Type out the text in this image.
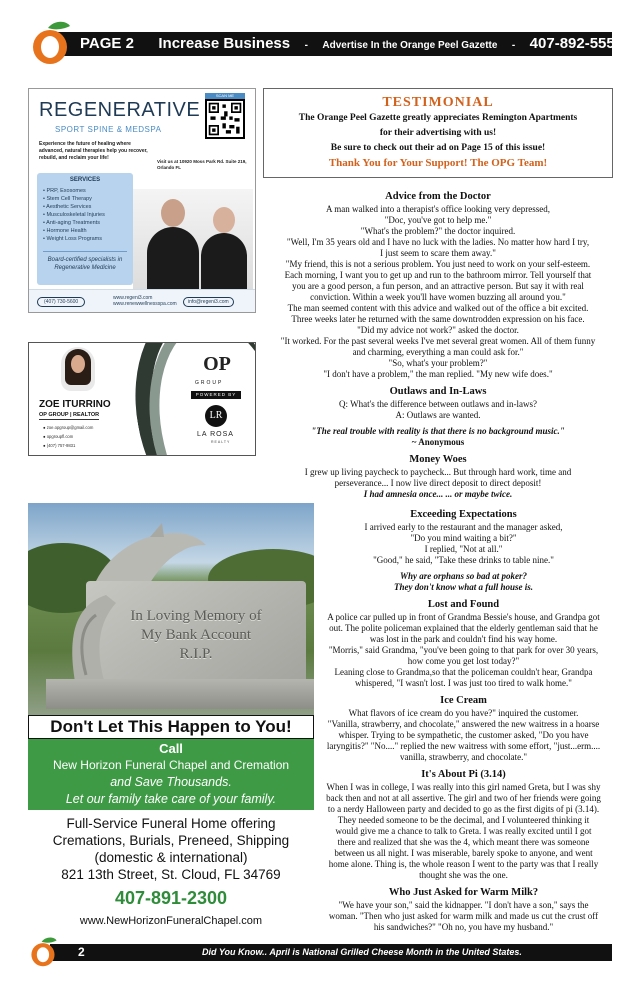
PAGE 2 Increase Business - Advertise In the Orange Peel Gazette - 407-892-5556
REGENERATIVE
SPORT SPINE & MEDSPA
SCAN ME
Experience the future of healing where advanced, natural therapies help you recover, rebuild, and reclaim your life!
Visit us at 10920 Moss Park Rd. Suite 219, Orlando FL
SERVICES
• PRP, Exosomes
• Stem Cell Therapy
• Aesthetic Services
• Musculoskeletal Injuries
• Anti-aging Treatments
• Hormone Health
• Weight Loss Programs
Board-certified specialists in Regenerative Medicine
(407) 730-5600
www.regeni3.com
www.renewwellnessspa.com	info@regeni3.com
TESTIMONIAL
The Orange Peel Gazette greatly appreciates Remington Apartments
for their advertising with us!
Be sure to check out their ad on Page 15 of this issue!
Thank You for Your Support! The OPG Team!
ZOE ITURRINO
OP GROUP | REALTOR
● zoe.opgroup@gmail.com
● opgroupfl.com
● (407) 757-9831
OP
GROUP
POWERED BY
LR
LA ROSA
REALTY
In Loving Memory of
My Bank Account
R.I.P.
Don't Let This Happen to You!
Call
New Horizon Funeral Chapel and Cremation
and Save Thousands.
Let our family take care of your family.
Full-Service Funeral Home offering
Cremations, Burials, Preneed, Shipping
(domestic & international)
821 13th Street, St. Cloud, FL 34769
407-891-2300
www.NewHorizonFuneralChapel.com
Advice from the Doctor

A man walked into a therapist's office looking very depressed,

"Doc, you've got to help me."

"What's the problem?" the doctor inquired.

"Well, I'm 35 years old and I have no luck with the ladies. No matter how hard I try,

I just seem to scare them away."

"My friend, this is not a serious problem. You just need to work on your self-esteem.

Each morning, I want you to get up and run to the bathroom mirror. Tell yourself that

you are a good person, a fun person, and an attractive person. But say it with real

conviction. Within a week you'll have women buzzing all around you."

The man seemed content with this advice and walked out of the office a bit excited.

Three weeks later he returned with the same downtrodden expression on his face.

"Did my advice not work?" asked the doctor.

"It worked. For the past several weeks I've met several great women. All of them funny

and charming, everything a man could ask for."

"So, what's your problem?"

"I don't have a problem," the man replied. "My new wife does."

Outlaws and In-Laws

Q: What's the difference between outlaws and in-laws?

A: Outlaws are wanted.

"The real trouble with reality is that there is no background music."

~ Anonymous

Money Woes

I grew up living paycheck to paycheck... But through hard work, time and

perseverance... I now live direct deposit to direct deposit!

I had amnesia once... ... or maybe twice.

Exceeding Expectations

I arrived early to the restaurant and the manager asked,

"Do you mind waiting a bit?"

I replied, "Not at all."

"Good," he said, "Take these drinks to table nine."

Why are orphans so bad at poker?

They don't know what a full house is.

Lost and Found

A police car pulled up in front of Grandma Bessie's house, and Grandpa got

out. The polite policeman explained that the elderly gentleman said that he

was lost in the park and couldn't find his way home.

"Morris," said Grandma, "you've been going to that park for over 30 years,

how come you get lost today?"

Leaning close to Grandma,so that the policeman couldn't hear, Grandpa

whispered, "I wasn't lost. I was just too tired to walk home."

Ice Cream

What flavors of ice cream do you have?" inquired the customer.

"Vanilla, strawberry, and chocolate," answered the new waitress in a hoarse

whisper. Trying to be sympathetic, the customer asked, "Do you have

laryngitis?" "No...." replied the new waitress with some effort, "just...erm....

vanilla, strawberry, and chocolate."

It's About Pi (3.14)

When I was in college, I was really into this girl named Greta, but I was shy

back then and not at all assertive. The girl and two of her friends were going

to a nerdy Halloween party and decided to go as the first digits of pi (3.14).

They needed someone to be the decimal, and I volunteered thinking it

would give me a chance to talk to Greta. I was really excited until I got

there and realized that she was the 4, which meant there was someone

between us all night. I was miserable, barely spoke to anyone, and went

home alone. Thing is, the whole reason I went to the party was that I really

thought she was the one.

Who Just Asked for Warm Milk?

"We have your son," said the kidnapper. "I don't have a son," says the

woman. "Then who just asked for warm milk and made us cut the crust off

his sandwiches?" "Oh no, you have my husband."

2	Did You Know.. April is National Grilled Cheese Month in the United States.
